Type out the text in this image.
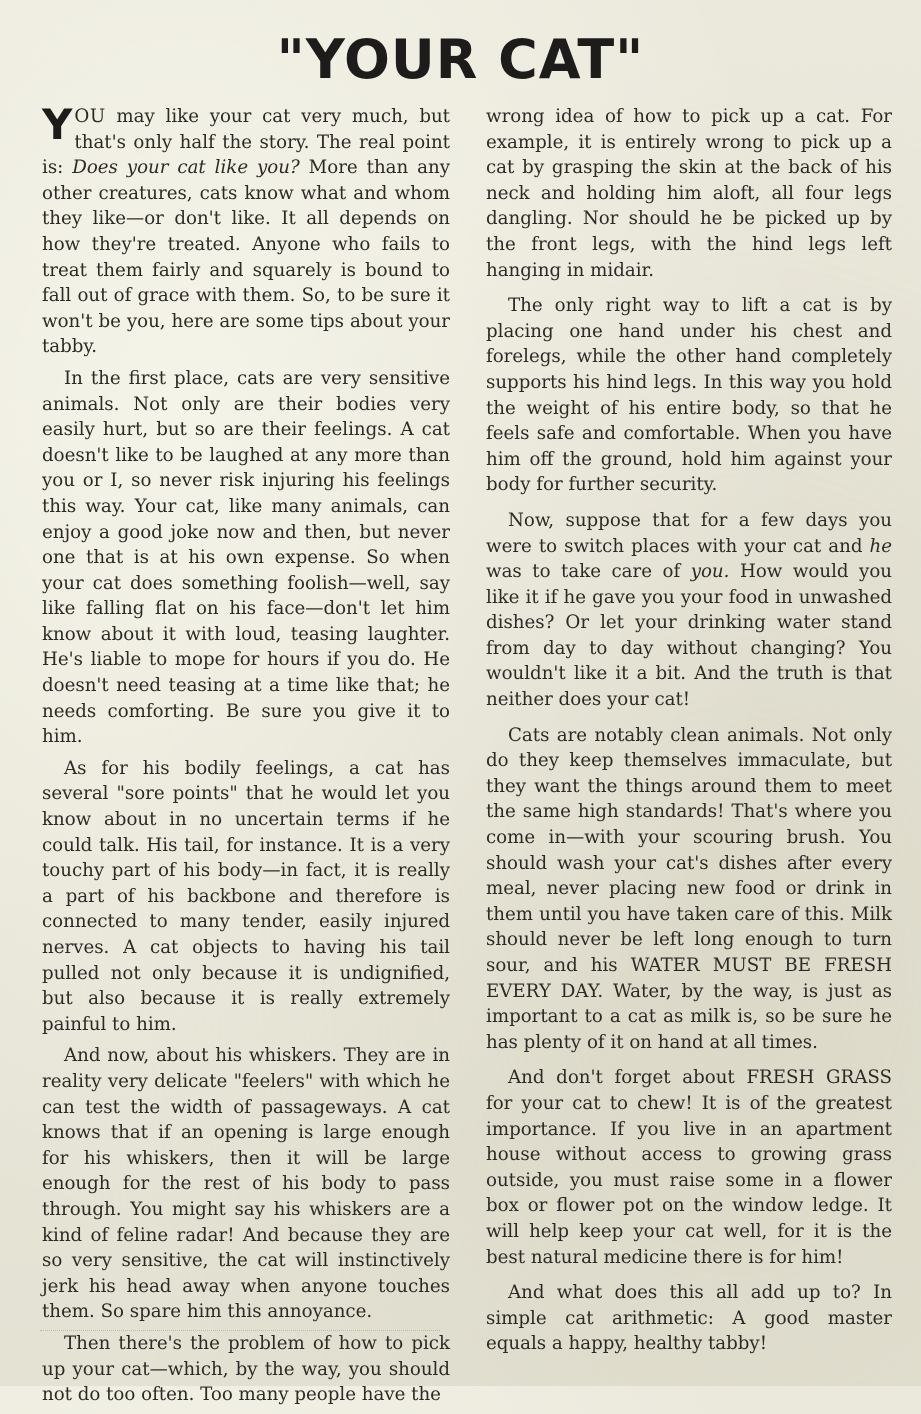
"YOUR CAT"

YOU may like your cat very much, but that's only half the story. The real point is: Does your cat like you? More than any other creatures, cats know what and whom they like—or don't like. It all depends on how they're treated. Anyone who fails to treat them fairly and squarely is bound to fall out of grace with them. So, to be sure it won't be you, here are some tips about your tabby.

In the first place, cats are very sensitive animals. Not only are their bodies very easily hurt, but so are their feelings. A cat doesn't like to be laughed at any more than you or I, so never risk injuring his feelings this way. Your cat, like many animals, can enjoy a good joke now and then, but never one that is at his own expense. So when your cat does something foolish—well, say like falling flat on his face—don't let him know about it with loud, teasing laughter. He's liable to mope for hours if you do. He doesn't need teasing at a time like that; he needs comforting. Be sure you give it to him.

As for his bodily feelings, a cat has several "sore points" that he would let you know about in no uncertain terms if he could talk. His tail, for instance. It is a very touchy part of his body—in fact, it is really a part of his backbone and therefore is connected to many tender, easily injured nerves. A cat objects to having his tail pulled not only because it is undignified, but also because it is really extremely painful to him.

And now, about his whiskers. They are in reality very delicate "feelers" with which he can test the width of passageways. A cat knows that if an opening is large enough for his whiskers, then it will be large enough for the rest of his body to pass through. You might say his whiskers are a kind of feline radar! And because they are so very sensitive, the cat will instinctively jerk his head away when anyone touches them. So spare him this annoyance.

Then there's the problem of how to pick up your cat—which, by the way, you should not do too often. Too many people have the

wrong idea of how to pick up a cat. For example, it is entirely wrong to pick up a cat by grasping the skin at the back of his neck and holding him aloft, all four legs dangling. Nor should he be picked up by the front legs, with the hind legs left hanging in midair.

The only right way to lift a cat is by placing one hand under his chest and forelegs, while the other hand completely supports his hind legs. In this way you hold the weight of his entire body, so that he feels safe and comfortable. When you have him off the ground, hold him against your body for further security.

Now, suppose that for a few days you were to switch places with your cat and he was to take care of you. How would you like it if he gave you your food in unwashed dishes? Or let your drinking water stand from day to day without changing? You wouldn't like it a bit. And the truth is that neither does your cat!

Cats are notably clean animals. Not only do they keep themselves immaculate, but they want the things around them to meet the same high standards! That's where you come in—with your scouring brush. You should wash your cat's dishes after every meal, never placing new food or drink in them until you have taken care of this. Milk should never be left long enough to turn sour, and his WATER MUST BE FRESH EVERY DAY. Water, by the way, is just as important to a cat as milk is, so be sure he has plenty of it on hand at all times.

And don't forget about FRESH GRASS for your cat to chew! It is of the greatest importance. If you live in an apartment house without access to growing grass outside, you must raise some in a flower box or flower pot on the window ledge. It will help keep your cat well, for it is the best natural medicine there is for him!

And what does this all add up to? In simple cat arithmetic: A good master equals a happy, healthy tabby!
